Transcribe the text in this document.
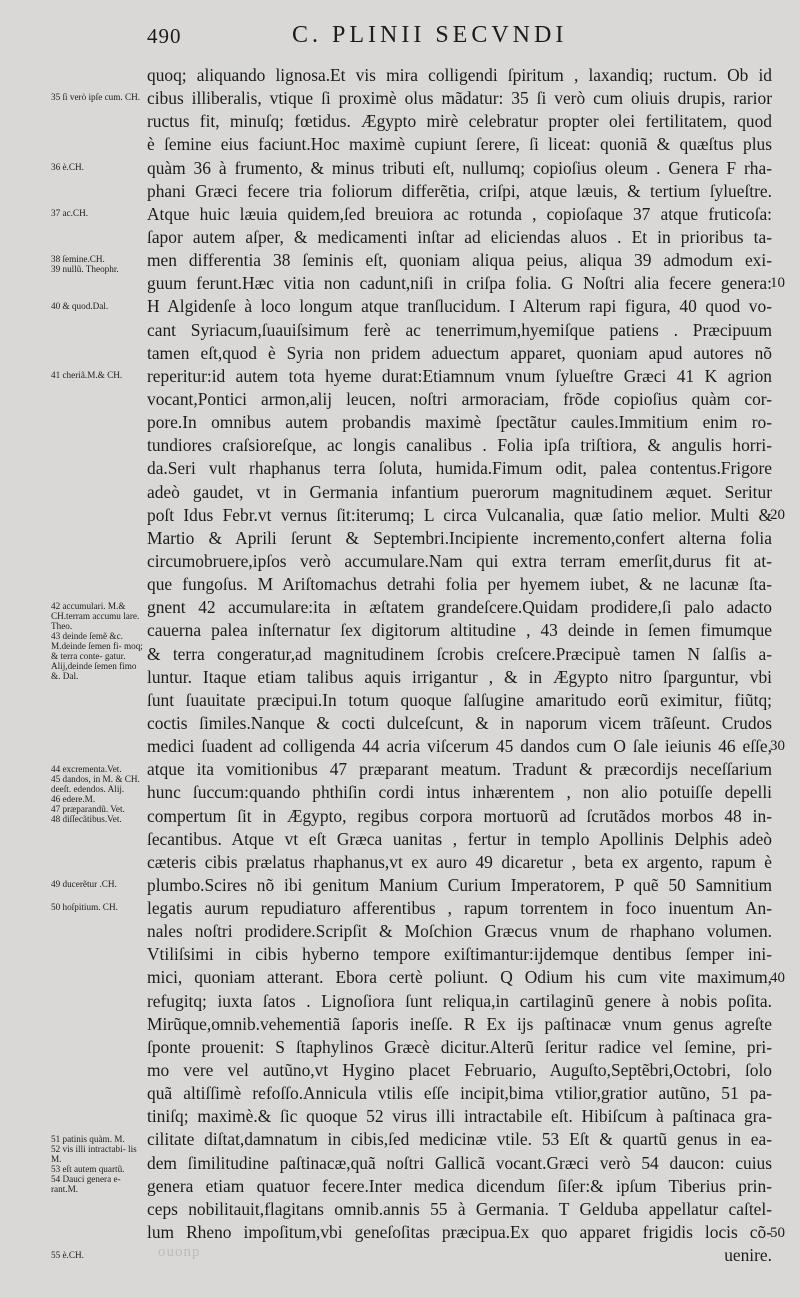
490	C. PLINII SECVNDI
35 ſi verò ipſe cum. CH.
36 è.CH.
37 ac.CH.
38 ſemine.CH.
39 nullũ. Theophr.
40 & quod.Dal.
41 cheriã.M.& CH.
42 accumulari. M.& CH.terram accumu lare. Theo.
43 deinde ſemẽ &c. M.deinde ſemen fi- moq; & terra conte- gatur. Alij,deinde ſemen fimo &. Dal.
44 excrementa.Vet.
45 dandos, in M. & CH. deeſt. edendos. Alij.
46 edere.M.
47 præparandũ. Vet.
48 diſſecãtibus.Vet.
49 ducerẽtur .CH.
50 hoſpitium. CH.
51 patinis quàm. M.
52 vis illi intractabi- lis M.
53 eſt autem quartũ.
54 Dauci genera e- rant.M.
55 è.CH.
quoq; aliquando lignosa.Et vis mira colligendi ſpiritum , laxandiq; ructum. Ob id
cibus illiberalis, vtique ſi proximè olus mãdatur: 35 ſi verò cum oliuis drupis, rarior
ructus fit, minuſq; fœtidus. Ægypto mirè celebratur propter olei fertilitatem, quod
è ſemine eius faciunt.Hoc maximè cupiunt ſerere, ſi liceat: quoniã & quæſtus plus
quàm 36 à frumento, & minus tributi eſt, nullumq; copioſius oleum . Genera F rha-
phani Græci fecere tria foliorum differẽtia, criſpi, atque læuis, & tertium ſylueſtre.
Atque huic læuia quidem,ſed breuiora ac rotunda , copioſaque 37 atque fruticoſa:
ſapor autem aſper, & medicamenti inſtar ad eliciendas aluos . Et in prioribus ta-
men differentia 38 ſeminis eſt, quoniam aliqua peius, aliqua 39 admodum exi-
guum ferunt.Hæc vitia non cadunt,niſi in criſpa folia. G Noſtri alia fecere genera:
H Algidenſe à loco longum atque tranſlucidum. I Alterum rapi figura, 40 quod vo-
cant Syriacum,ſuauiſsimum ferè ac tenerrimum,hyemiſque patiens . Præcipuum
tamen eſt,quod è Syria non pridem aduectum apparet, quoniam apud autores nõ
reperitur:id autem tota hyeme durat:Etiamnum vnum ſylueſtre Græci 41 K agrion
vocant,Pontici armon,alij leucen, noſtri armoraciam, frõde copioſius quàm cor-
pore.In omnibus autem probandis maximè ſpectãtur caules.Immitium enim ro-
tundiores craſsioreſque, ac longis canalibus . Folia ipſa triſtiora, & angulis horri-
da.Seri vult rhaphanus terra ſoluta, humida.Fimum odit, palea contentus.Frigore
adeò gaudet, vt in Germania infantium puerorum magnitudinem æquet. Seritur
poſt Idus Febr.vt vernus ſit:iterumq; L circa Vulcanalia, quæ ſatio melior. Multi &
Martio & Aprili ſerunt & Septembri.Incipiente incremento,confert alterna folia
circumobruere,ipſos verò accumulare.Nam qui extra terram emerſit,durus fit at-
que fungoſus. M Ariſtomachus detrahi folia per hyemem iubet, & ne lacunæ ſta-
gnent 42 accumulare:ita in æſtatem grandeſcere.Quidam prodidere,ſi palo adacto
cauerna palea inſternatur ſex digitorum altitudine , 43 deinde in ſemen fimumque
& terra congeratur,ad magnitudinem ſcrobis creſcere.Præcipuè tamen N ſalſis a-
luntur. Itaque etiam talibus aquis irrigantur , & in Ægypto nitro ſparguntur, vbi
ſunt ſuauitate præcipui.In totum quoque ſalſugine amaritudo eorũ eximitur, fiũtq;
coctis ſimiles.Nanque & cocti dulceſcunt, & in naporum vicem trãſeunt. Crudos
medici ſuadent ad colligenda 44 acria viſcerum 45 dandos cum O ſale ieiunis 46 eſſe,
atque ita vomitionibus 47 præparant meatum. Tradunt & præcordijs neceſſarium
hunc ſuccum:quando phthiſin cordi intus inhærentem , non alio potuiſſe depelli
compertum ſit in Ægypto, regibus corpora mortuorũ ad ſcrutãdos morbos 48 in-
ſecantibus. Atque vt eſt Græca uanitas , fertur in templo Apollinis Delphis adeò
cæteris cibis prælatus rhaphanus,vt ex auro 49 dicaretur , beta ex argento, rapum è
plumbo.Scires nõ ibi genitum Manium Curium Imperatorem, P quẽ 50 Samnitium
legatis aurum repudiaturo afferentibus , rapum torrentem in foco inuentum An-
nales noſtri prodidere.Scripſit & Moſchion Græcus vnum de rhaphano volumen.
Vtiliſsimi in cibis hyberno tempore exiſtimantur:ijdemque dentibus ſemper ini-
mici, quoniam atterant. Ebora certè poliunt. Q Odium his cum vite maximum,
refugitq; iuxta ſatos . Lignoſiora ſunt reliqua,in cartilaginũ genere à nobis poſita.
Mirũque,omnib.vehementiã ſaporis ineſſe. R Ex ijs paſtinacæ vnum genus agreſte
ſponte prouenit: S ſtaphylinos Græcè dicitur.Alterũ ſeritur radice vel ſemine, pri-
mo vere vel autũno,vt Hygino placet Februario, Auguſto,Septẽbri,Octobri, ſolo
quã altiſſimè refoſſo.Annicula vtilis eſſe incipit,bima vtilior,gratior autũno, 51 pa-
tiniſq; maximè.& ſic quoque 52 virus illi intractabile eſt. Hibiſcum à paſtinaca gra-
cilitate diſtat,damnatum in cibis,ſed medicinæ vtile. 53 Eſt & quartũ genus in ea-
dem ſimilitudine paſtinacæ,quã noſtri Gallicã vocant.Græci verò 54 daucon: cuius
genera etiam quatuor fecere.Inter medica dicendum ſiſer:& ipſum Tiberius prin-
ceps nobilitauit,flagitans omnib.annis 55 à Germania. T Gelduba appellatur caſtel-
lum Rheno impoſitum,vbi geneſoſitas præcipua.Ex quo apparet frigidis locis cõ-
uenire.
10
20
30
40
50
ouonp
